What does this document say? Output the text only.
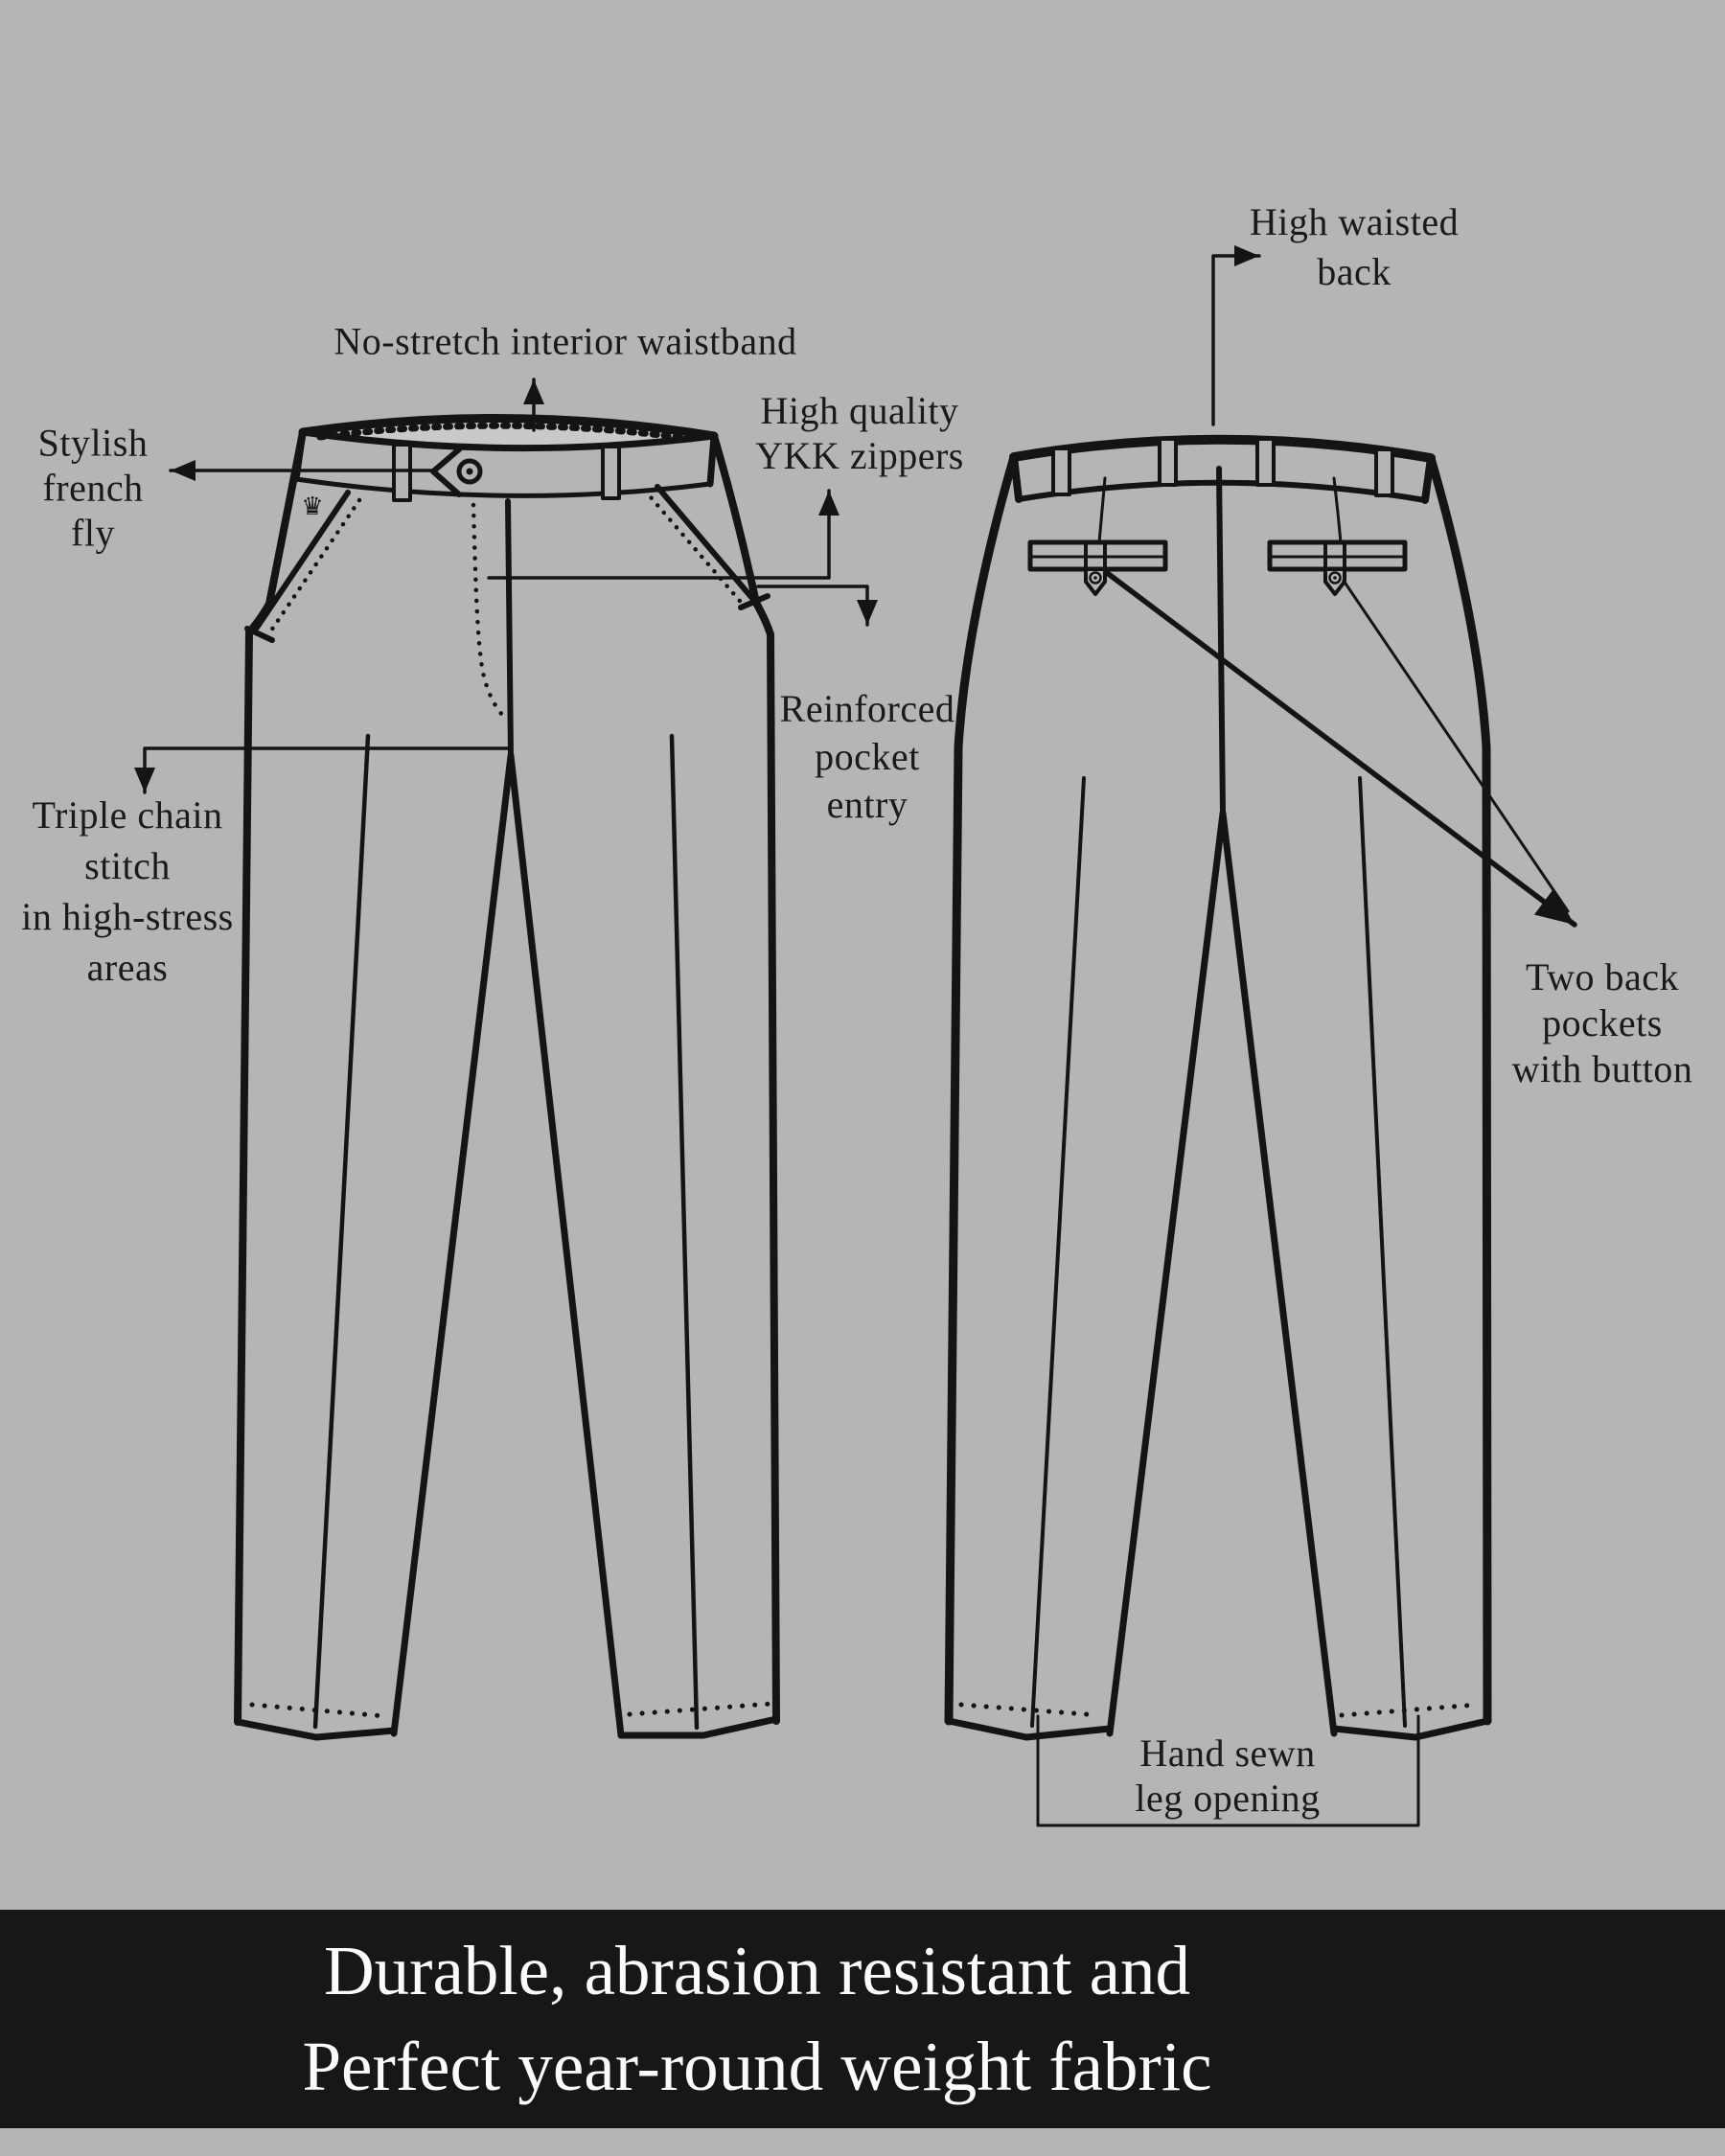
♛
No-stretch interior waistband
Stylish
french
fly
High quality
YKK zippers
Reinforced
pocket
entry
Triple chain
stitch
in high-stress
areas
High waisted
back
Two back
pockets
with button
Hand sewn
leg opening
Durable, abrasion resistant and
Perfect year-round weight fabric
